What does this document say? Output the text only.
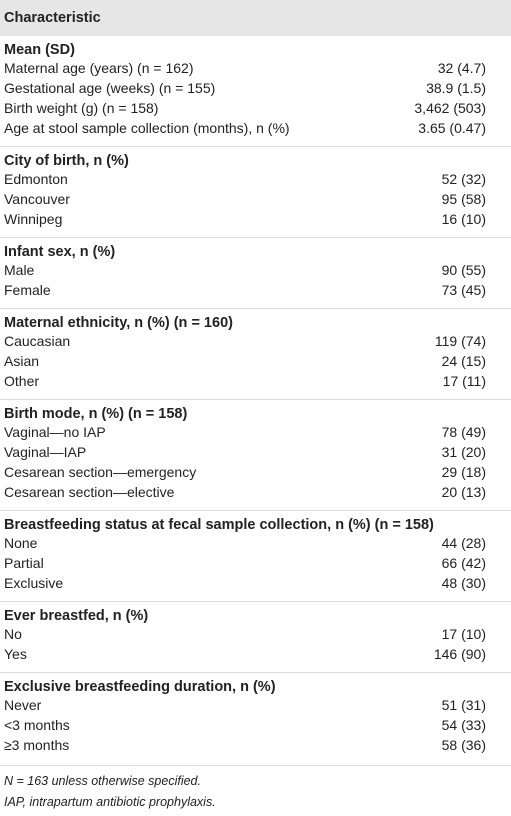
Characteristic
Mean (SD)
Maternal age (years) (n = 162)	32 (4.7)
Gestational age (weeks) (n = 155)	38.9 (1.5)
Birth weight (g) (n = 158)	3,462 (503)
Age at stool sample collection (months), n (%)	3.65 (0.47)
City of birth, n (%)
Edmonton	52 (32)
Vancouver	95 (58)
Winnipeg	16 (10)
Infant sex, n (%)
Male	90 (55)
Female	73 (45)
Maternal ethnicity, n (%) (n = 160)
Caucasian	119 (74)
Asian	24 (15)
Other	17 (11)
Birth mode, n (%) (n = 158)
Vaginal—no IAP	78 (49)
Vaginal—IAP	31 (20)
Cesarean section—emergency	29 (18)
Cesarean section—elective	20 (13)
Breastfeeding status at fecal sample collection, n (%) (n = 158)
None	44 (28)
Partial	66 (42)
Exclusive	48 (30)
Ever breastfed, n (%)
No	17 (10)
Yes	146 (90)
Exclusive breastfeeding duration, n (%)
Never	51 (31)
<3 months	54 (33)
≥3 months	58 (36)
N = 163 unless otherwise specified.
IAP, intrapartum antibiotic prophylaxis.
